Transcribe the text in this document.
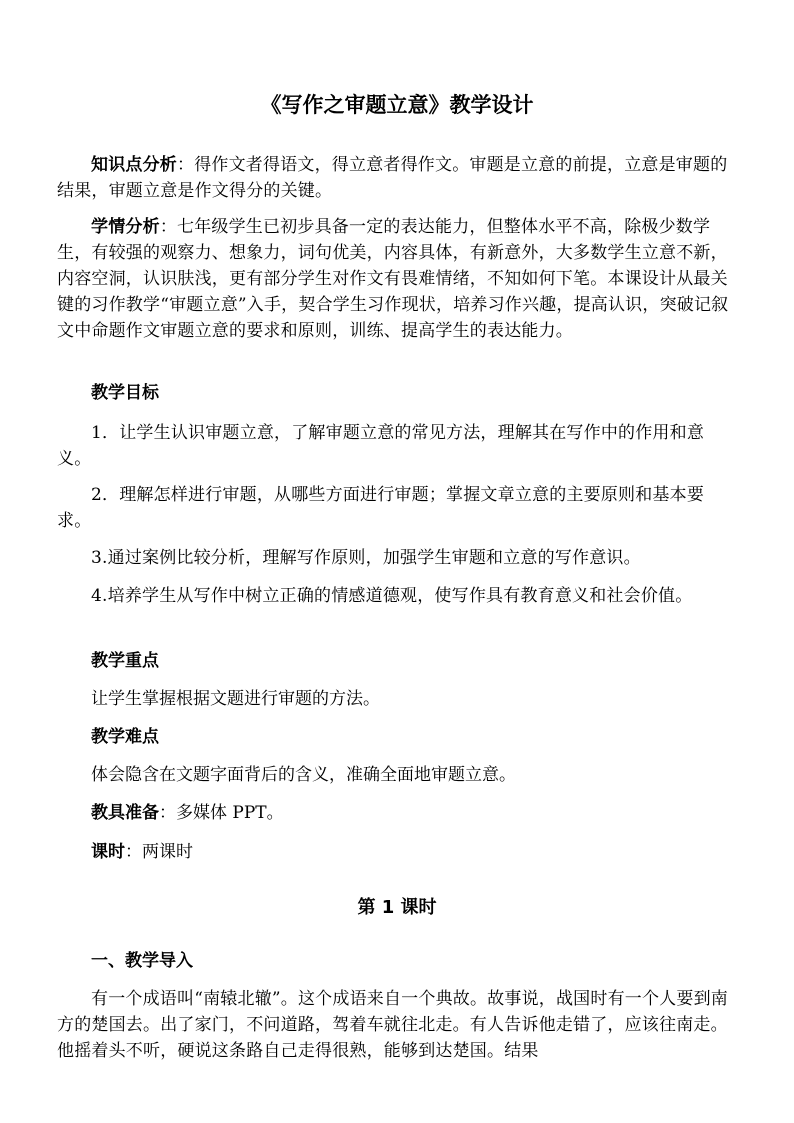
《写作之审题立意》教学设计
知识点分析：得作文者得语文，得立意者得作文。审题是立意的前提，立意是审题的结果，审题立意是作文得分的关键。
学情分析：七年级学生已初步具备一定的表达能力，但整体水平不高，除极少数学生，有较强的观察力、想象力，词句优美，内容具体，有新意外，大多数学生立意不新，内容空洞，认识肤浅，更有部分学生对作文有畏难情绪，不知如何下笔。本课设计从最关键的习作教学“审题立意”入手，契合学生习作现状，培养习作兴趣，提高认识，突破记叙文中命题作文审题立意的要求和原则，训练、提高学生的表达能力。
教学目标
1．让学生认识审题立意，了解审题立意的常见方法，理解其在写作中的作用和意义。
2．理解怎样进行审题，从哪些方面进行审题；掌握文章立意的主要原则和基本要求。
3.通过案例比较分析，理解写作原则，加强学生审题和立意的写作意识。
4.培养学生从写作中树立正确的情感道德观，使写作具有教育意义和社会价值。
教学重点
让学生掌握根据文题进行审题的方法。
教学难点
体会隐含在文题字面背后的含义，准确全面地审题立意。
教具准备：多媒体 PPT。
课时：两课时
第 1 课时
一、教学导入
有一个成语叫“南辕北辙”。这个成语来自一个典故。故事说，战国时有一个人要到南方的楚国去。出了家门，不问道路，驾着车就往北走。有人告诉他走错了，应该往南走。他摇着头不听，硬说这条路自己走得很熟，能够到达楚国。结果
